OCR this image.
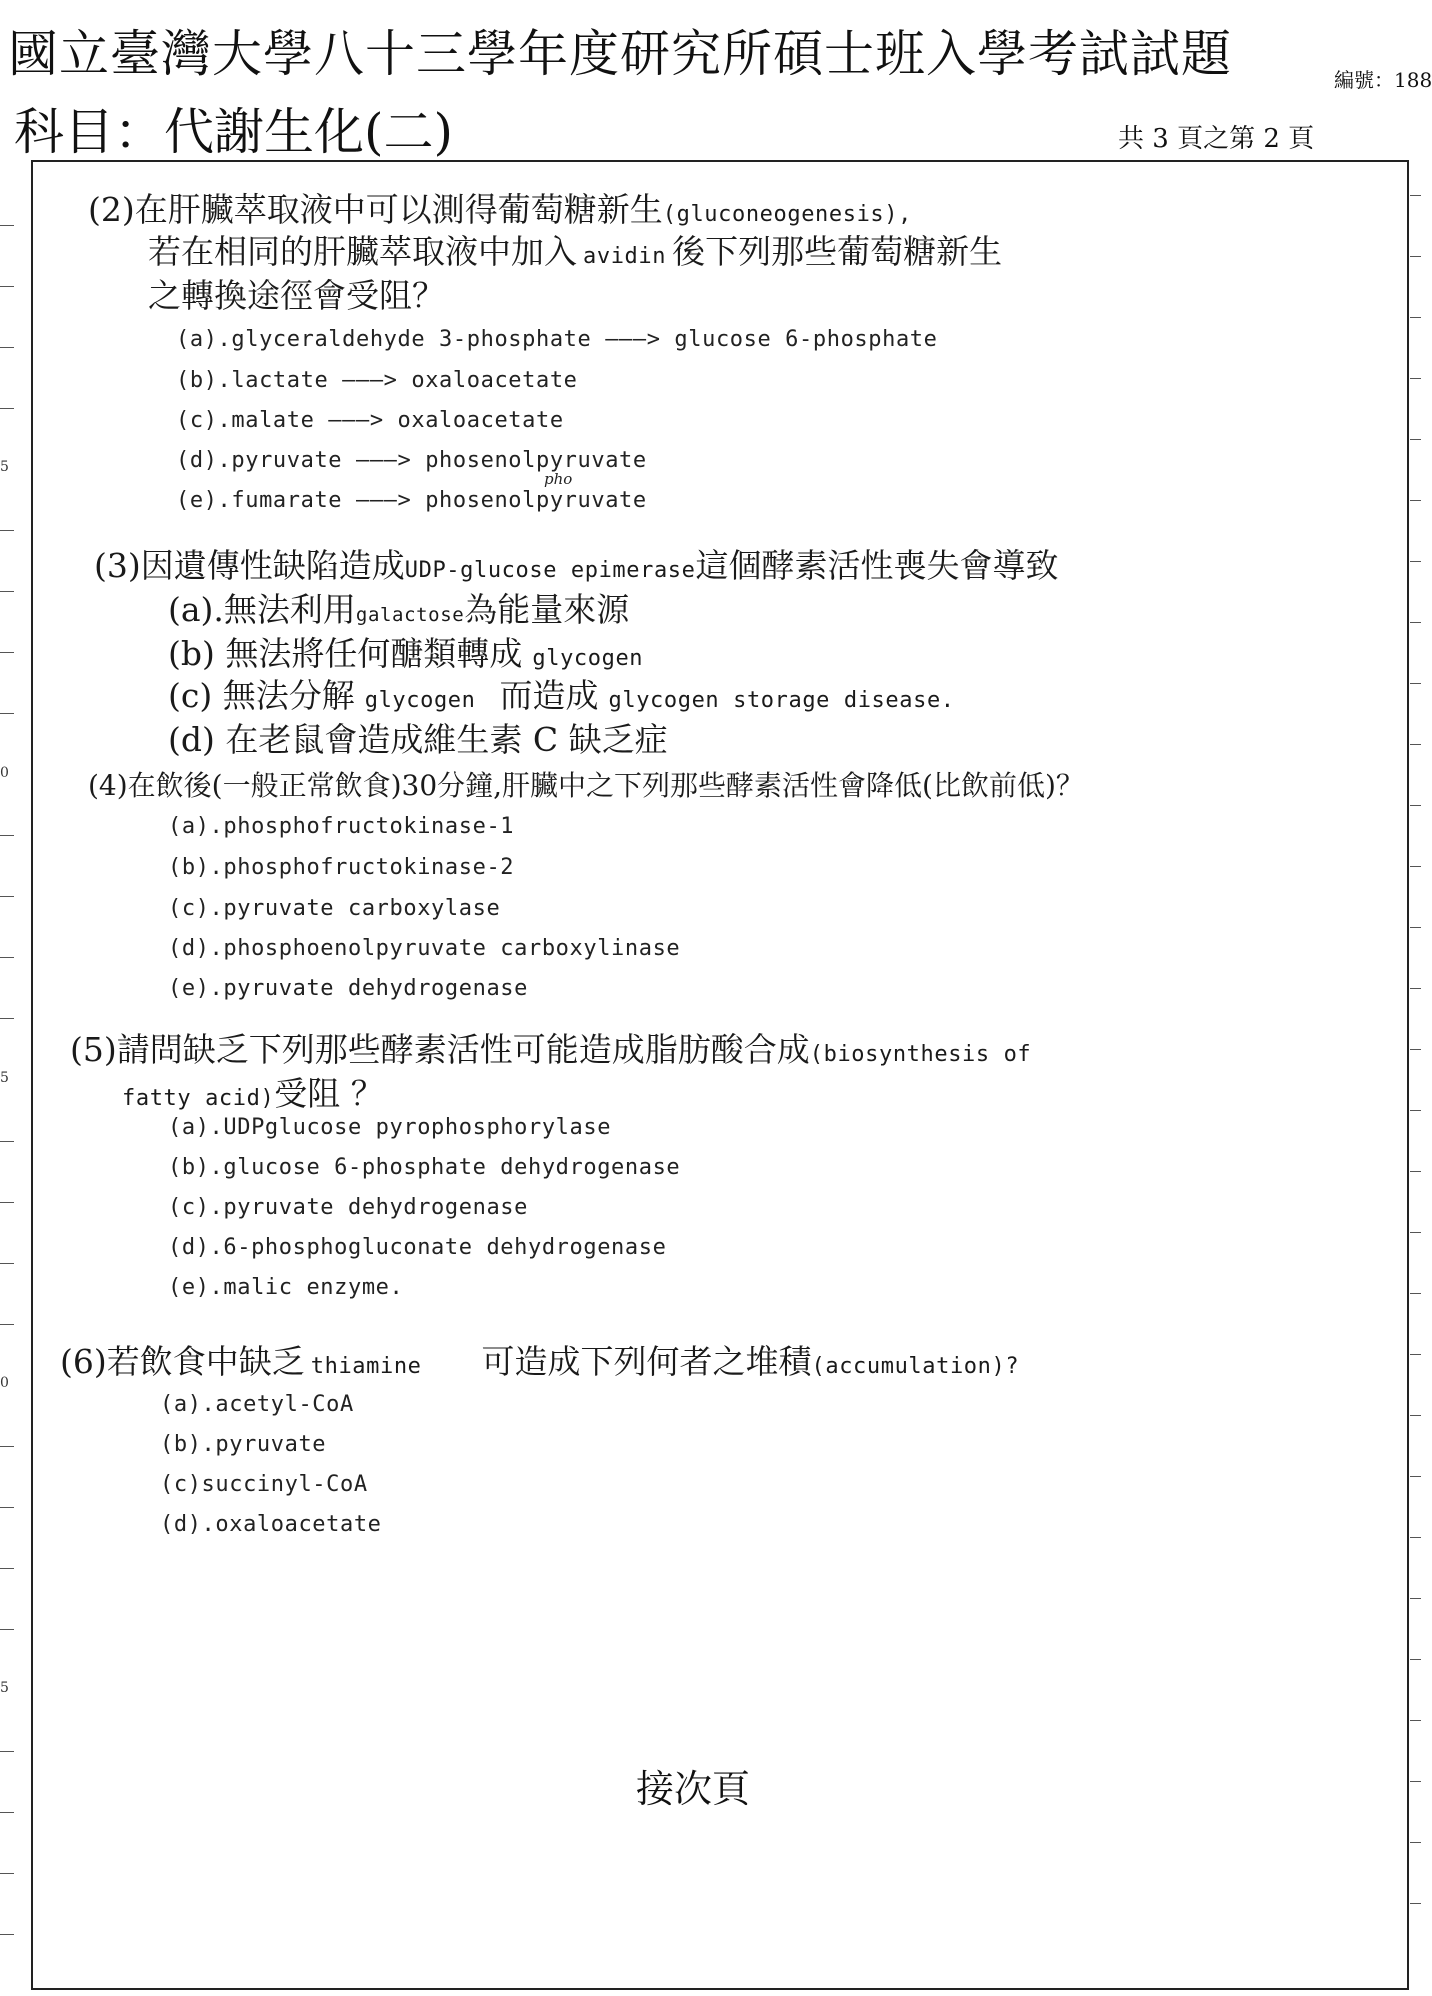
國立臺灣大學八十三學年度研究所碩士班入學考試試題	編號：188
科目：代謝生化(二)	共 3 頁之第 2 頁
5
0
5
0
5
(2)在肝臟萃取液中可以測得葡萄糖新生(gluconeogenesis),
若在相同的肝臟萃取液中加入 avidin 後下列那些葡萄糖新生
之轉換途徑會受阻？
(a).glyceraldehyde 3-phosphate ———> glucose 6-phosphate
(b).lactate ———> oxaloacetate
(c).malate ———> oxaloacetate
(d).pyruvate ———> phosenolpyruvate
pho
(e).fumarate ———> phosenolpyruvate
(3)因遺傳性缺陷造成UDP-glucose epimerase這個酵素活性喪失會導致
(a).無法利用galactose為能量來源
(b) 無法將任何醣類轉成 glycogen
(c) 無法分解 glycogen 而造成 glycogen storage disease.
(d) 在老鼠會造成維生素 C 缺乏症
(4)在飲後(一般正常飲食)30分鐘,肝臟中之下列那些酵素活性會降低(比飲前低)？
(a).phosphofructokinase-1
(b).phosphofructokinase-2
(c).pyruvate carboxylase
(d).phosphoenolpyruvate carboxylinase
(e).pyruvate dehydrogenase
(5)請問缺乏下列那些酵素活性可能造成脂肪酸合成(biosynthesis of
fatty acid)受阻 ？
(a).UDPglucose pyrophosphorylase
(b).glucose 6-phosphate dehydrogenase
(c).pyruvate dehydrogenase
(d).6-phosphogluconate dehydrogenase
(e).malic enzyme.
(6)若飲食中缺乏 thiamine 可造成下列何者之堆積(accumulation)?
(a).acetyl-CoA
(b).pyruvate
(c)succinyl-CoA
(d).oxaloacetate
接次頁
